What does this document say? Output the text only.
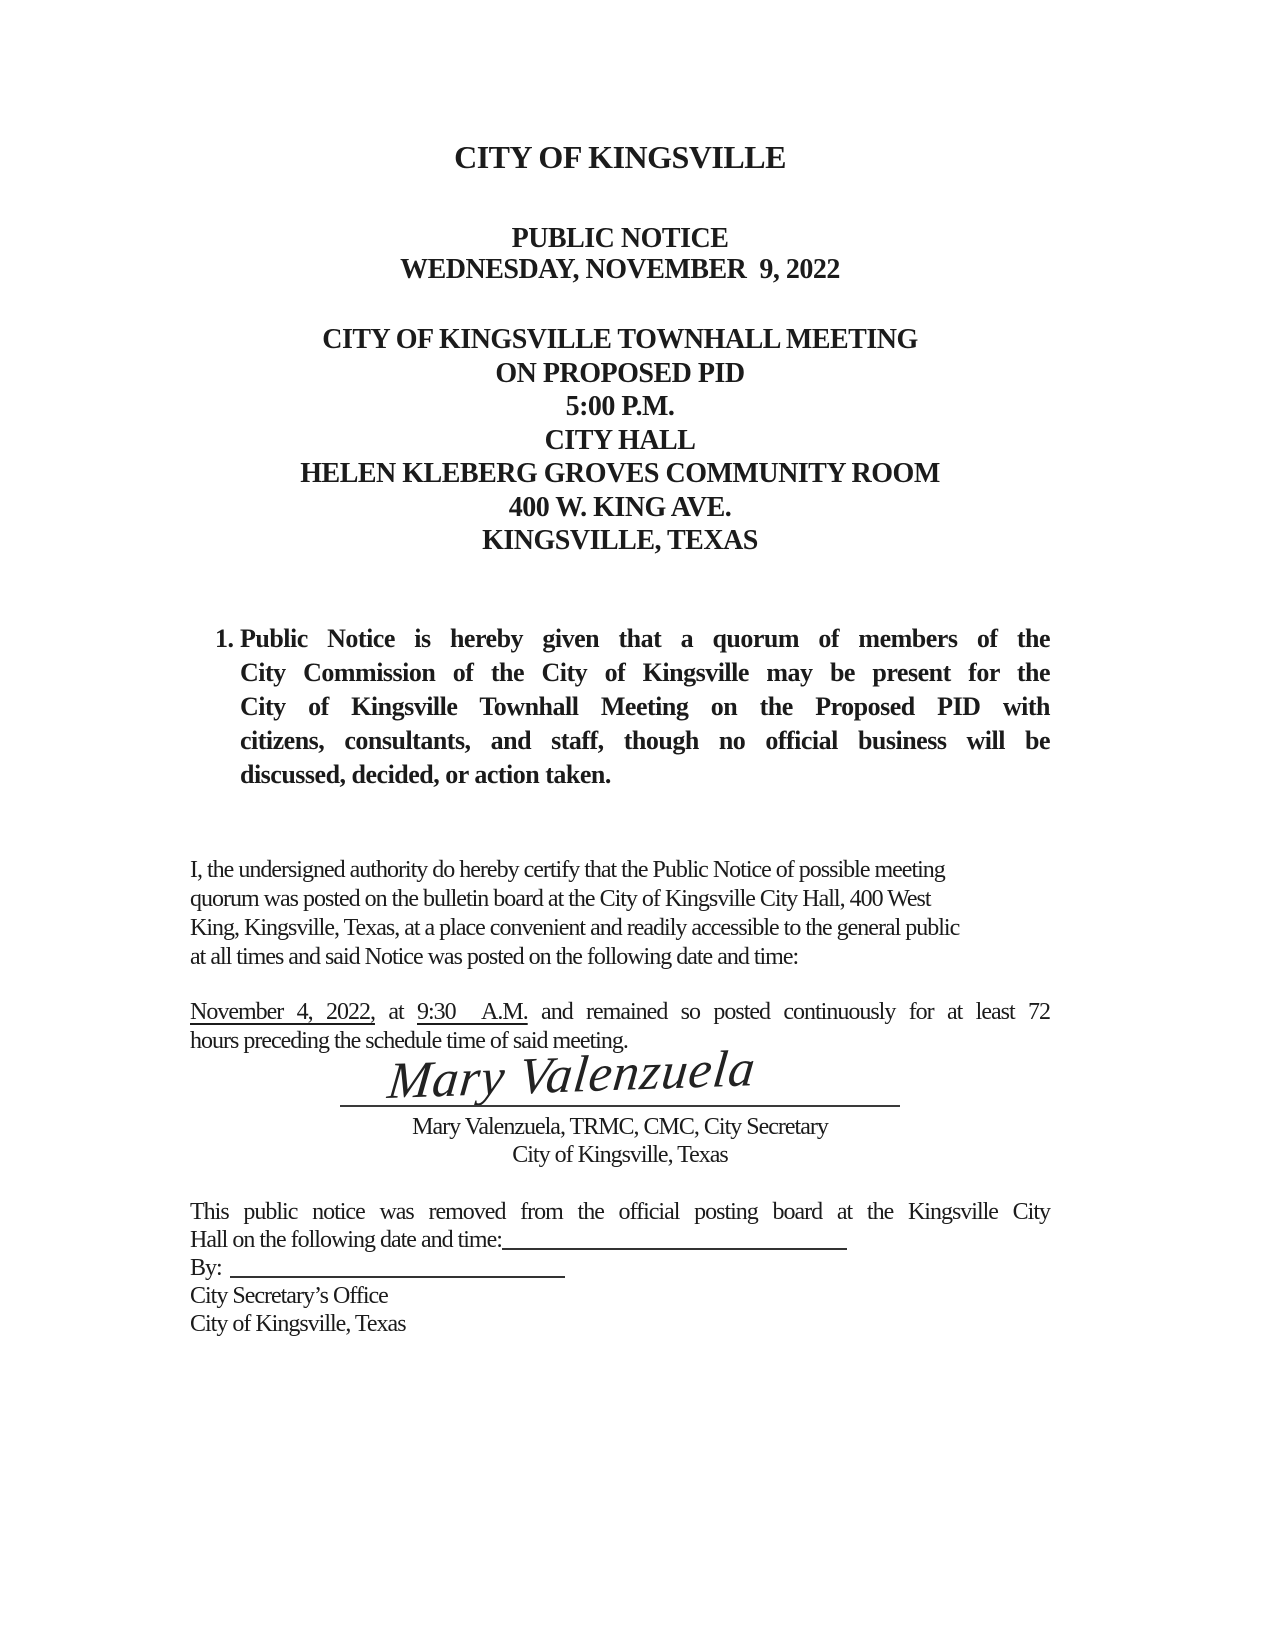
CITY OF KINGSVILLE
PUBLIC NOTICE
WEDNESDAY, NOVEMBER  9, 2022
CITY OF KINGSVILLE TOWNHALL MEETING
ON PROPOSED PID
5:00 P.M.
CITY HALL
HELEN KLEBERG GROVES COMMUNITY ROOM
400 W. KING AVE.
KINGSVILLE, TEXAS
1. Public Notice is hereby given that a quorum of members of the
City Commission of the City of Kingsville may be present for the
City of Kingsville Townhall Meeting on the Proposed PID with
citizens, consultants, and staff, though no official business will be
discussed, decided, or action taken.
I, the undersigned authority do hereby certify that the Public Notice of possible meeting
quorum was posted on the bulletin board at the City of Kingsville City Hall, 400 West
King, Kingsville, Texas, at a place convenient and readily accessible to the general public
at all times and said Notice was posted on the following date and time:
November 4, 2022, at 9:30  A.M. and remained so posted continuously for at least 72
hours preceding the schedule time of said meeting.
Mary Valenzuela
Mary Valenzuela, TRMC, CMC, City Secretary
City of Kingsville, Texas
This public notice was removed from the official posting board at the Kingsville City
Hall on the following date and time:
By:
City Secretary’s Office
City of Kingsville, Texas
